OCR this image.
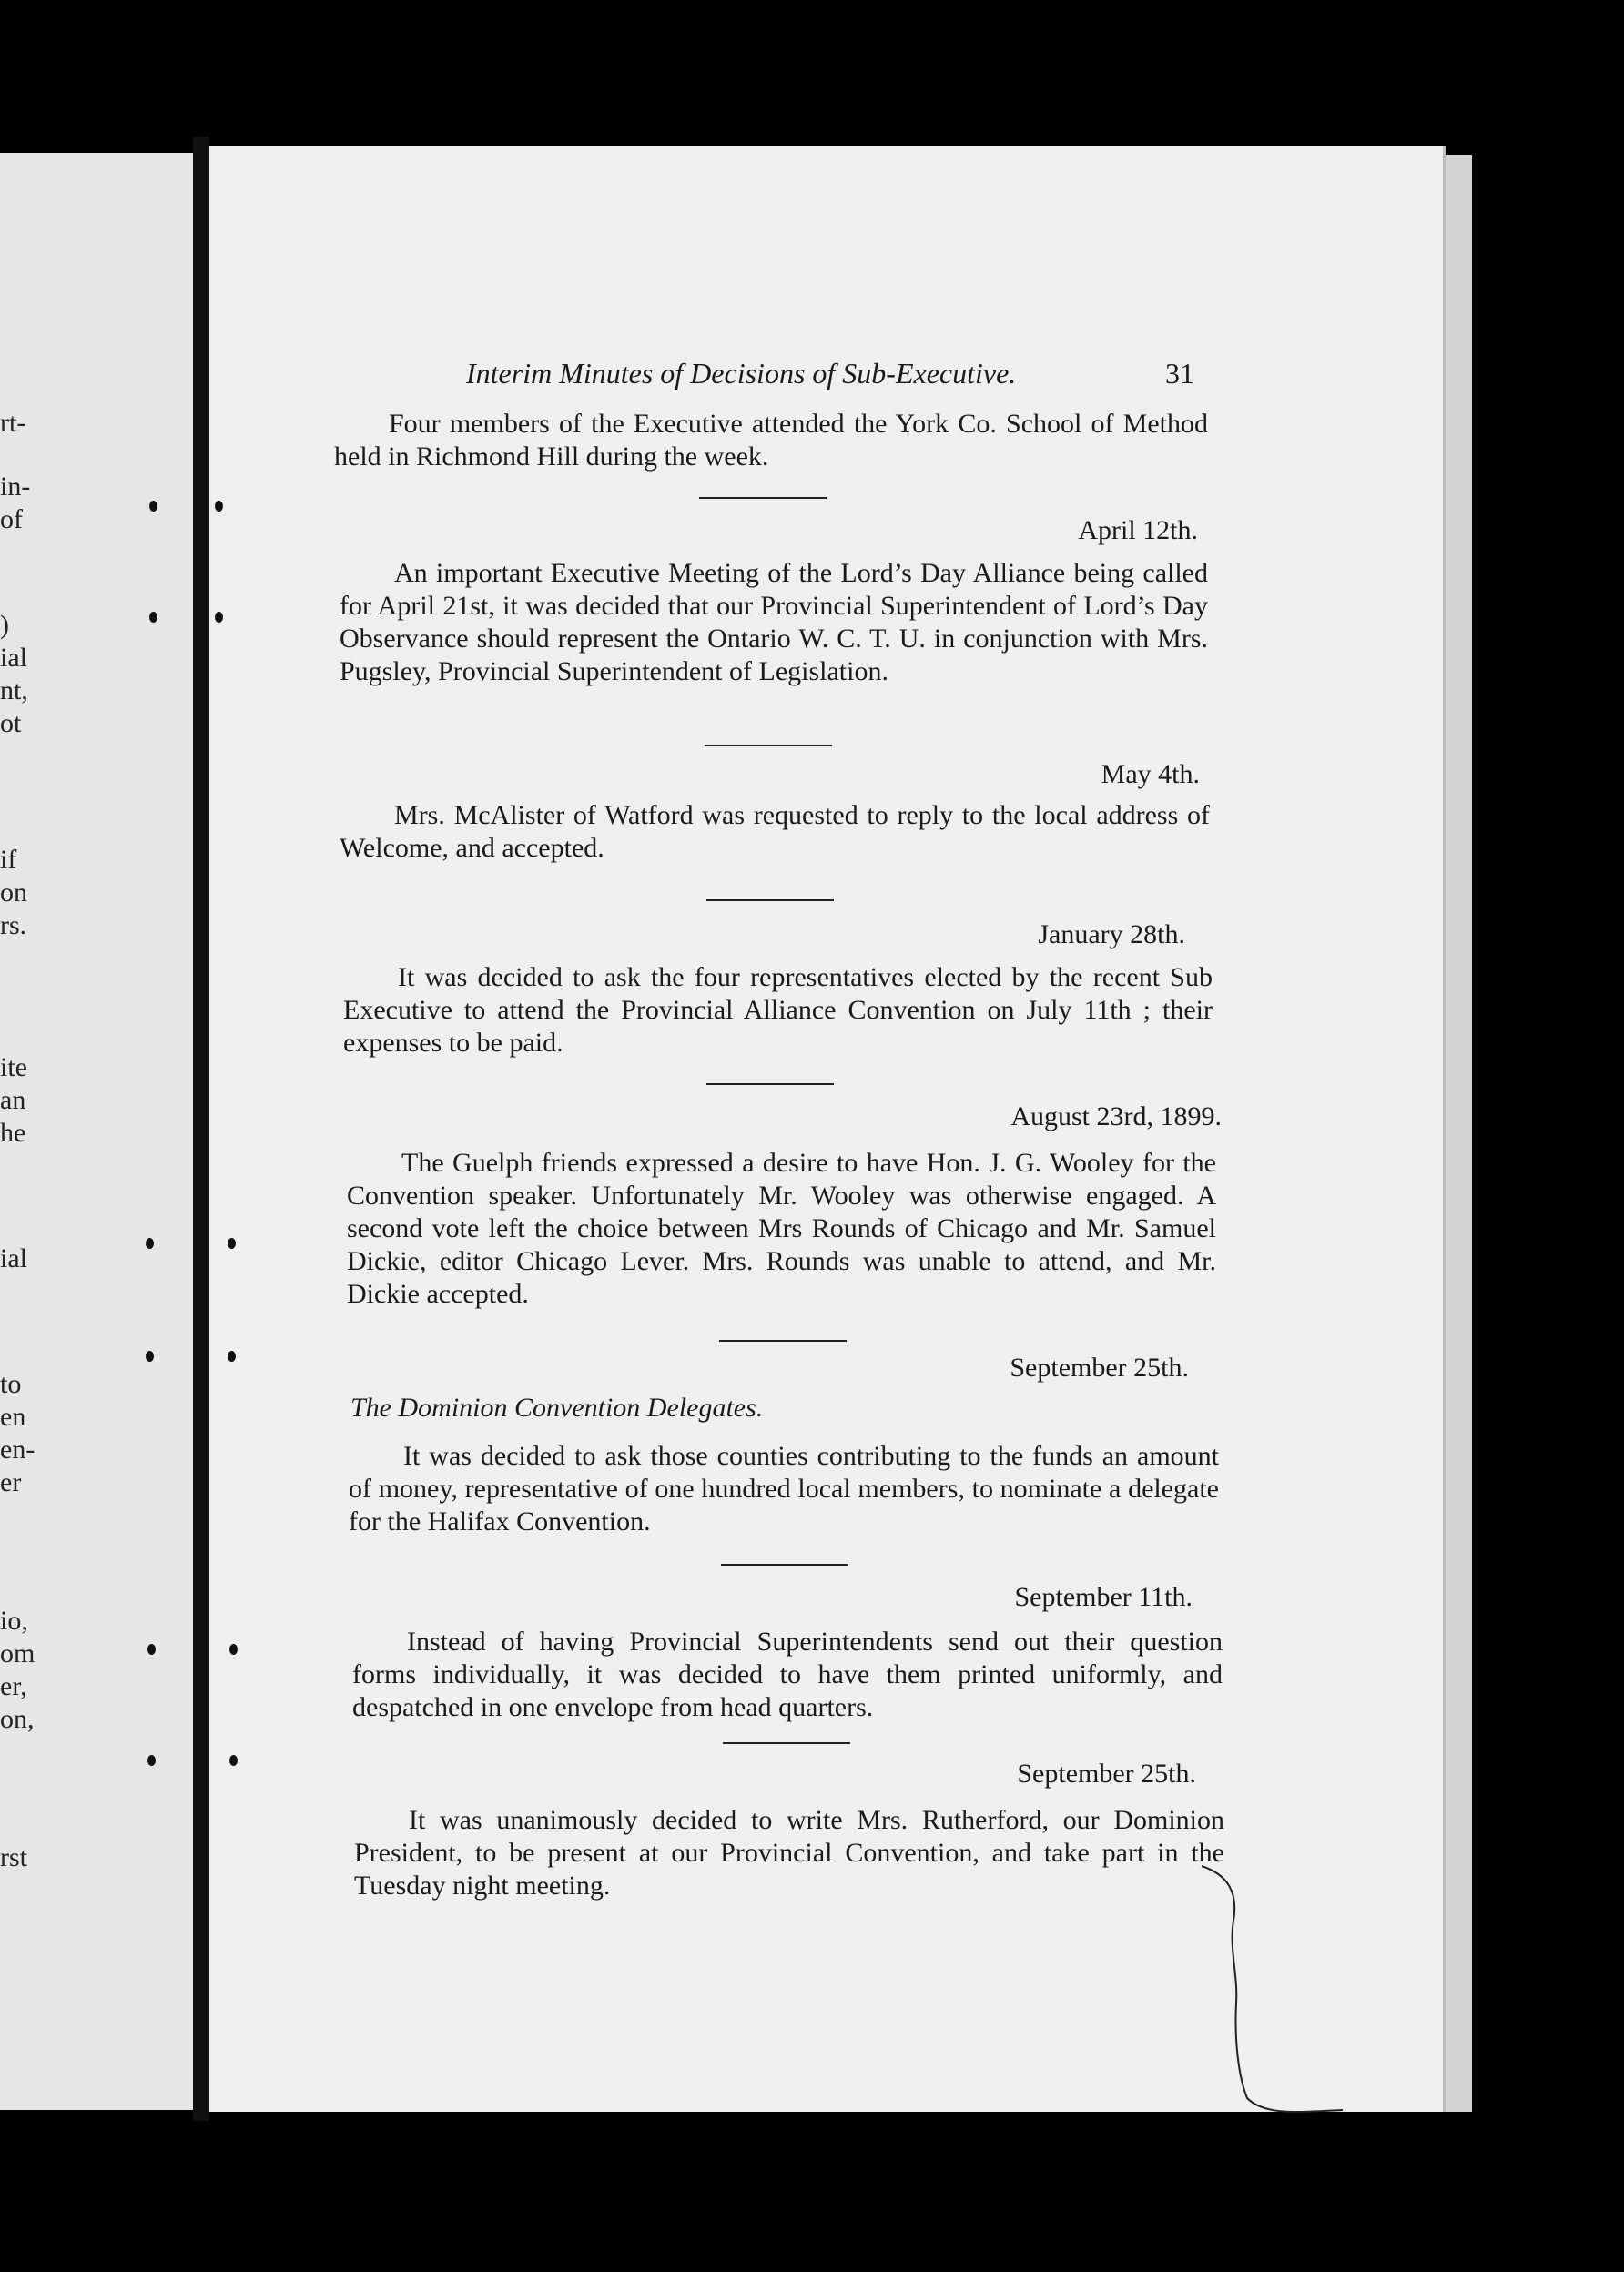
rt-
in-
of
)
ial
nt,
ot
if
on
rs.
ite
an
he
ial
to
en
en-
er
io,
om
er,
on,
rst
Interim Minutes of Decisions of Sub-Executive.	31

Four members of the Executive attended the York Co. School of Method held in Richmond Hill during the week.

April 12th.

An important Executive Meeting of the Lord’s Day Alliance being called for April 21st, it was decided that our Provincial Superintendent of Lord’s Day Observance should represent the Ontario W. C. T. U. in conjunction with Mrs. Pugsley, Provincial Superintendent of Legislation.

May 4th.

Mrs. McAlister of Watford was requested to reply to the local address of Welcome, and accepted.

January 28th.

It was decided to ask the four representatives elected by the recent Sub Executive to attend the Provincial Alliance Convention on July 11th ; their expenses to be paid.

August 23rd, 1899.

The Guelph friends expressed a desire to have Hon. J. G. Wooley for the Convention speaker. Unfortunately Mr. Wooley was otherwise engaged. A second vote left the choice between Mrs Rounds of Chicago and Mr. Samuel Dickie, editor Chicago Lever. Mrs. Rounds was unable to attend, and Mr. Dickie accepted.

September 25th.
The Dominion Convention Delegates.

It was decided to ask those counties contributing to the funds an amount of money, representative of one hundred local members, to nominate a delegate for the Halifax Convention.

September 11th.

Instead of having Provincial Superintendents send out their question forms individually, it was decided to have them printed uniformly, and despatched in one envelope from head quarters.

September 25th.

It was unanimously decided to write Mrs. Rutherford, our Dominion President, to be present at our Provincial Convention, and take part in the Tuesday night meeting.
